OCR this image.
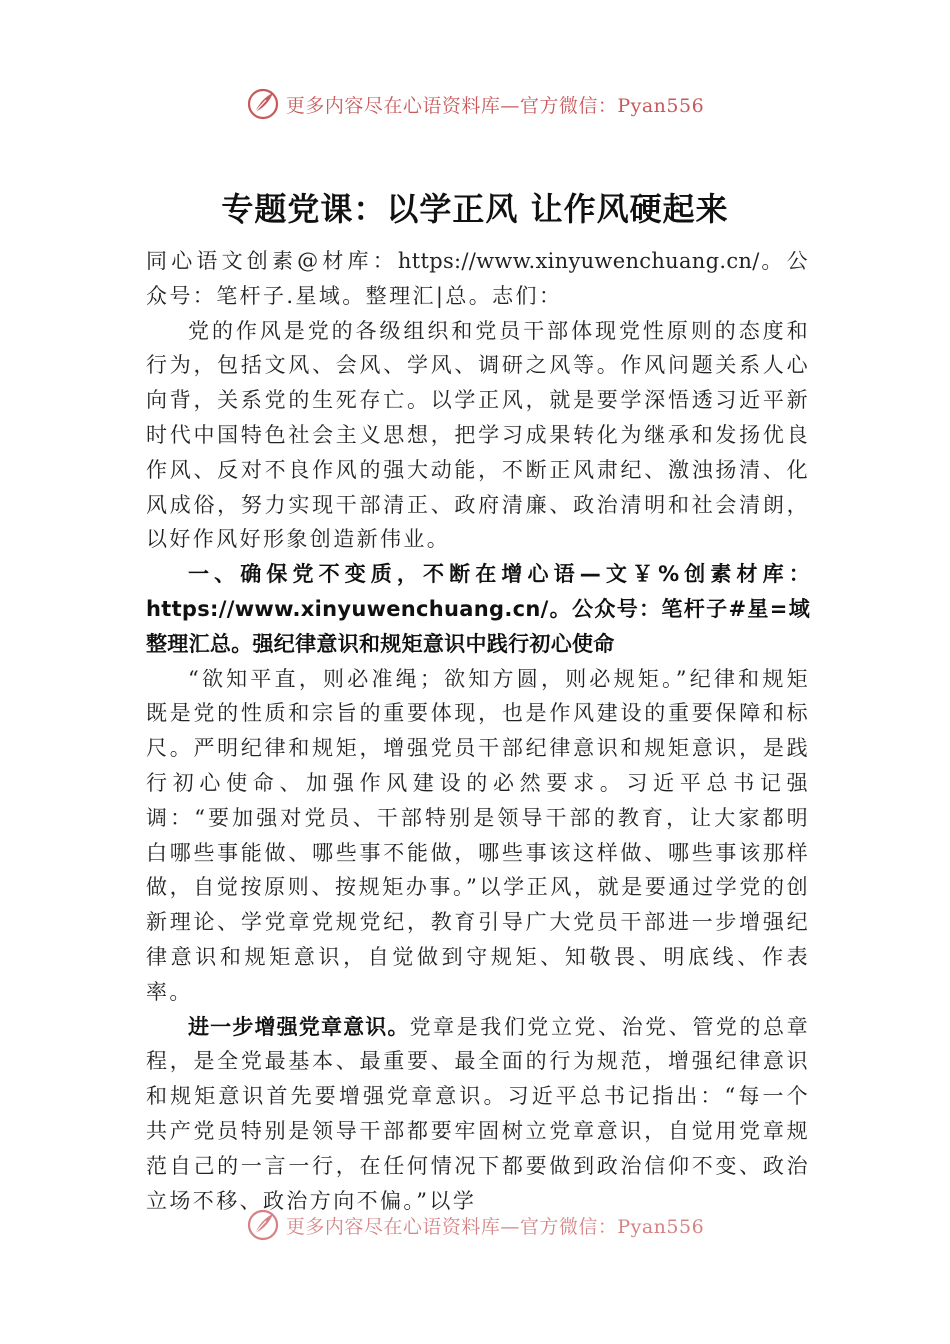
更多内容尽在心语资料库—官方微信：Pyan556
专题党课：以学正风 让作风硬起来

同心语文创素@材库：https://www.xinyuwenchuang.cn/。公众号：笔杆子.星域。整理汇|总。志们：

党的作风是党的各级组织和党员干部体现党性原则的态度和行为，包括文风、会风、学风、调研之风等。作风问题关系人心向背，关系党的生死存亡。以学正风，就是要学深悟透习近平新时代中国特色社会主义思想，把学习成果转化为继承和发扬优良作风、反对不良作风的强大动能，不断正风肃纪、激浊扬清、化风成俗，努力实现干部清正、政府清廉、政治清明和社会清朗，以好作风好形象创造新伟业。

一、确保党不变质，不断在增心语—文￥%创素材库：https://www.xinyuwenchuang.cn/。公众号：笔杆子#星=域整理汇总。强纪律意识和规矩意识中践行初心使命

“欲知平直，则必准绳；欲知方圆，则必规矩。”纪律和规矩既是党的性质和宗旨的重要体现，也是作风建设的重要保障和标尺。严明纪律和规矩，增强党员干部纪律意识和规矩意识，是践行初心使命、加强作风建设的必然要求。习近平总书记强调：“要加强对党员、干部特别是领导干部的教育，让大家都明白哪些事能做、哪些事不能做，哪些事该这样做、哪些事该那样做，自觉按原则、按规矩办事。”以学正风，就是要通过学党的创新理论、学党章党规党纪，教育引导广大党员干部进一步增强纪律意识和规矩意识，自觉做到守规矩、知敬畏、明底线、作表率。

进一步增强党章意识。党章是我们党立党、治党、管党的总章程，是全党最基本、最重要、最全面的行为规范，增强纪律意识和规矩意识首先要增强党章意识。习近平总书记指出：“每一个共产党员特别是领导干部都要牢固树立党章意识，自觉用党章规范自己的一言一行，在任何情况下都要做到政治信仰不变、政治立场不移、政治方向不偏。”以学

更多内容尽在心语资料库—官方微信：Pyan556
